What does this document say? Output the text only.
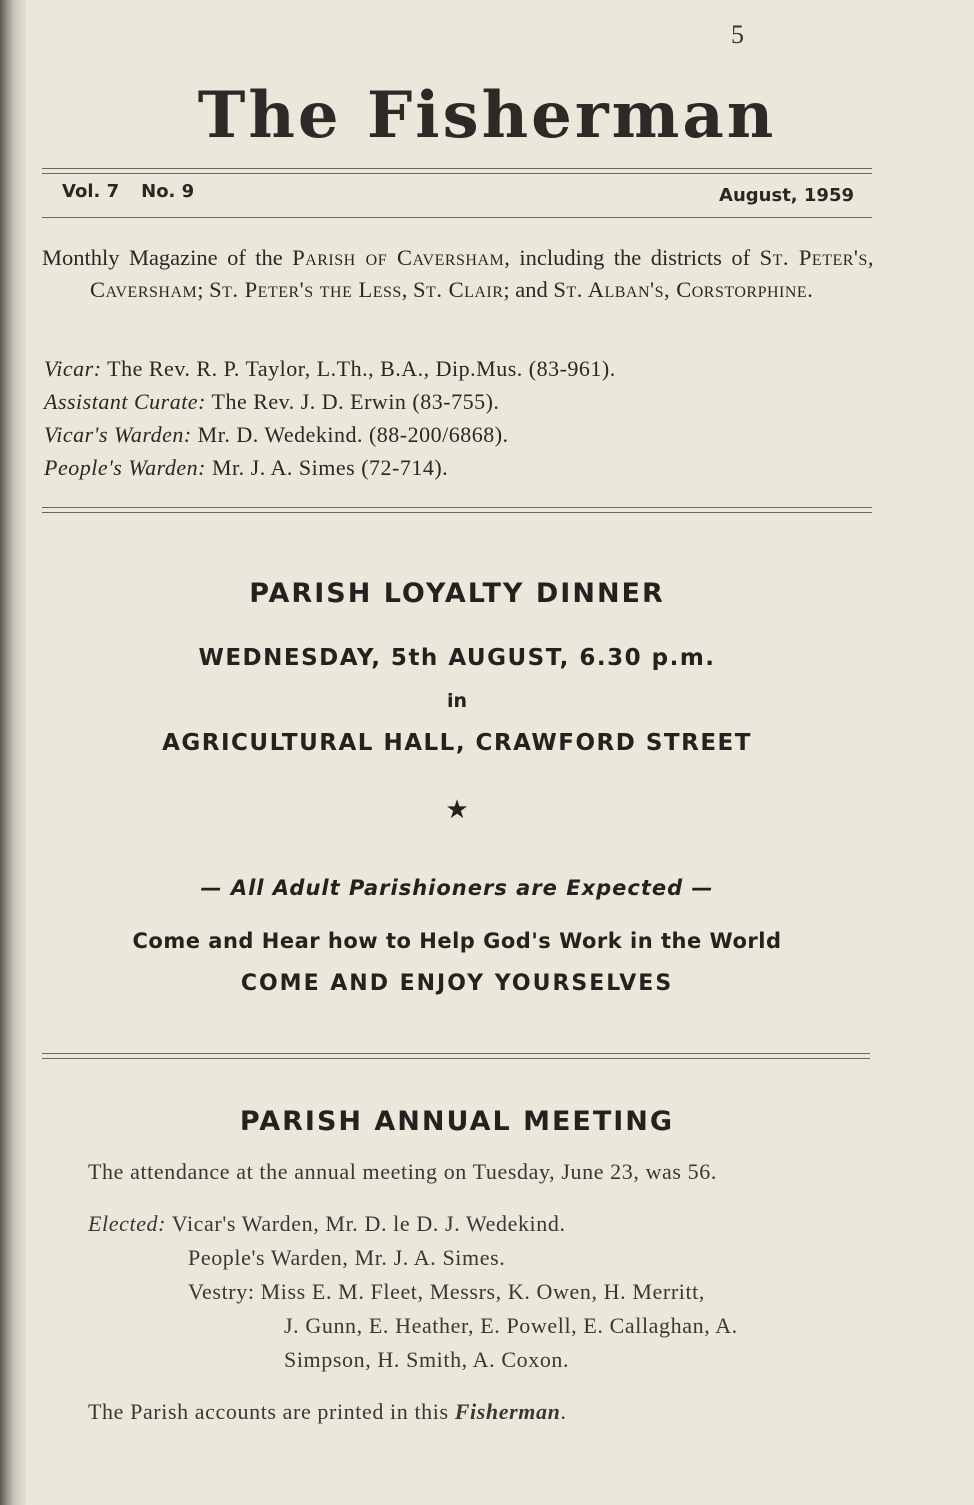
5
The Fisherman
Vol. 7 No. 9	August, 1959

Monthly Magazine of the Parish of Caversham, including the districts of St. Peter's, Caversham; St. Peter's the Less, St. Clair; and St. Alban's, Corstorphine.

Vicar: The Rev. R. P. Taylor, L.Th., B.A., Dip.Mus. (83-961).
Assistant Curate: The Rev. J. D. Erwin (83-755).
Vicar's Warden: Mr. D. Wedekind. (88-200/6868).
People's Warden: Mr. J. A. Simes (72-714).
PARISH LOYALTY DINNER
WEDNESDAY, 5th AUGUST, 6.30 p.m.
in
AGRICULTURAL HALL, CRAWFORD STREET
★
— All Adult Parishioners are Expected —
Come and Hear how to Help God's Work in the World
COME AND ENJOY YOURSELVES
PARISH ANNUAL MEETING

The attendance at the annual meeting on Tuesday, June 23, was 56.

Elected: Vicar's Warden, Mr. D. le D. J. Wedekind.

People's Warden, Mr. J. A. Simes.

Vestry: Miss E. M. Fleet, Messrs, K. Owen, H. Merritt,

J. Gunn, E. Heather, E. Powell, E. Callaghan, A.

Simpson, H. Smith, A. Coxon.

The Parish accounts are printed in this Fisherman.
